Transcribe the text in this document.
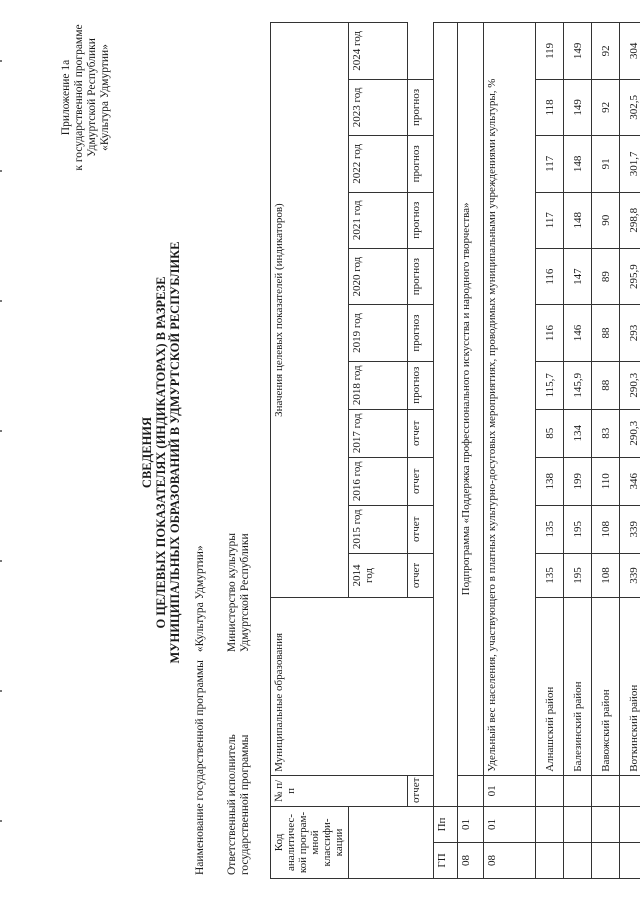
Приложение 1а к государственной программе Удмуртской Республики «Культура Удмуртии»
СВЕДЕНИЯ О ЦЕЛЕВЫХ ПОКАЗАТЕЛЯХ (ИНДИКАТОРАХ) В РАЗРЕЗЕ МУНИЦИПАЛЬНЫХ ОБРАЗОВАНИЙ В УДМУРТСКОЙ РЕСПУБЛИКЕ
Наименование государственной программы «Культура Удмуртии»
Ответственный исполнитель
государственной программы Министерство культуры
Удмуртской Республики
Код аналитичес-кой програм-мной классифи-кации		№ п/п	Муниципальные образования	Значения целевых показателей (индикаторов)										
				2014 год	2015 год	2016 год	2017 год	2018 год	2019 год	2020 год	2021 год	2022 год	2023 год	2024 год
		отчет		отчет	отчет	отчет	отчет	прогноз	прогноз	прогноз	прогноз	прогноз	прогноз	
ГП	Пп													
08	01		Подпрограмма «Поддержка профессионального искусства и народного творчества»											
08	01	01	Удельный вес населения, участвующего в платных культурно-досуговых мероприятиях, проводимых муниципальными учреждениями культуры, %											
			Алнашский район	135	135	138	85	115,7	116	116	117	117	118	119
			Балезинский район	195	195	199	134	145,9	146	147	148	148	149	149
			Вавожский район	108	108	110	83	88	88	89	90	91	92	92
			Воткинский район	339	339	346	290,3	290,3	293	295,9	298,8	301,7	302,5	304
